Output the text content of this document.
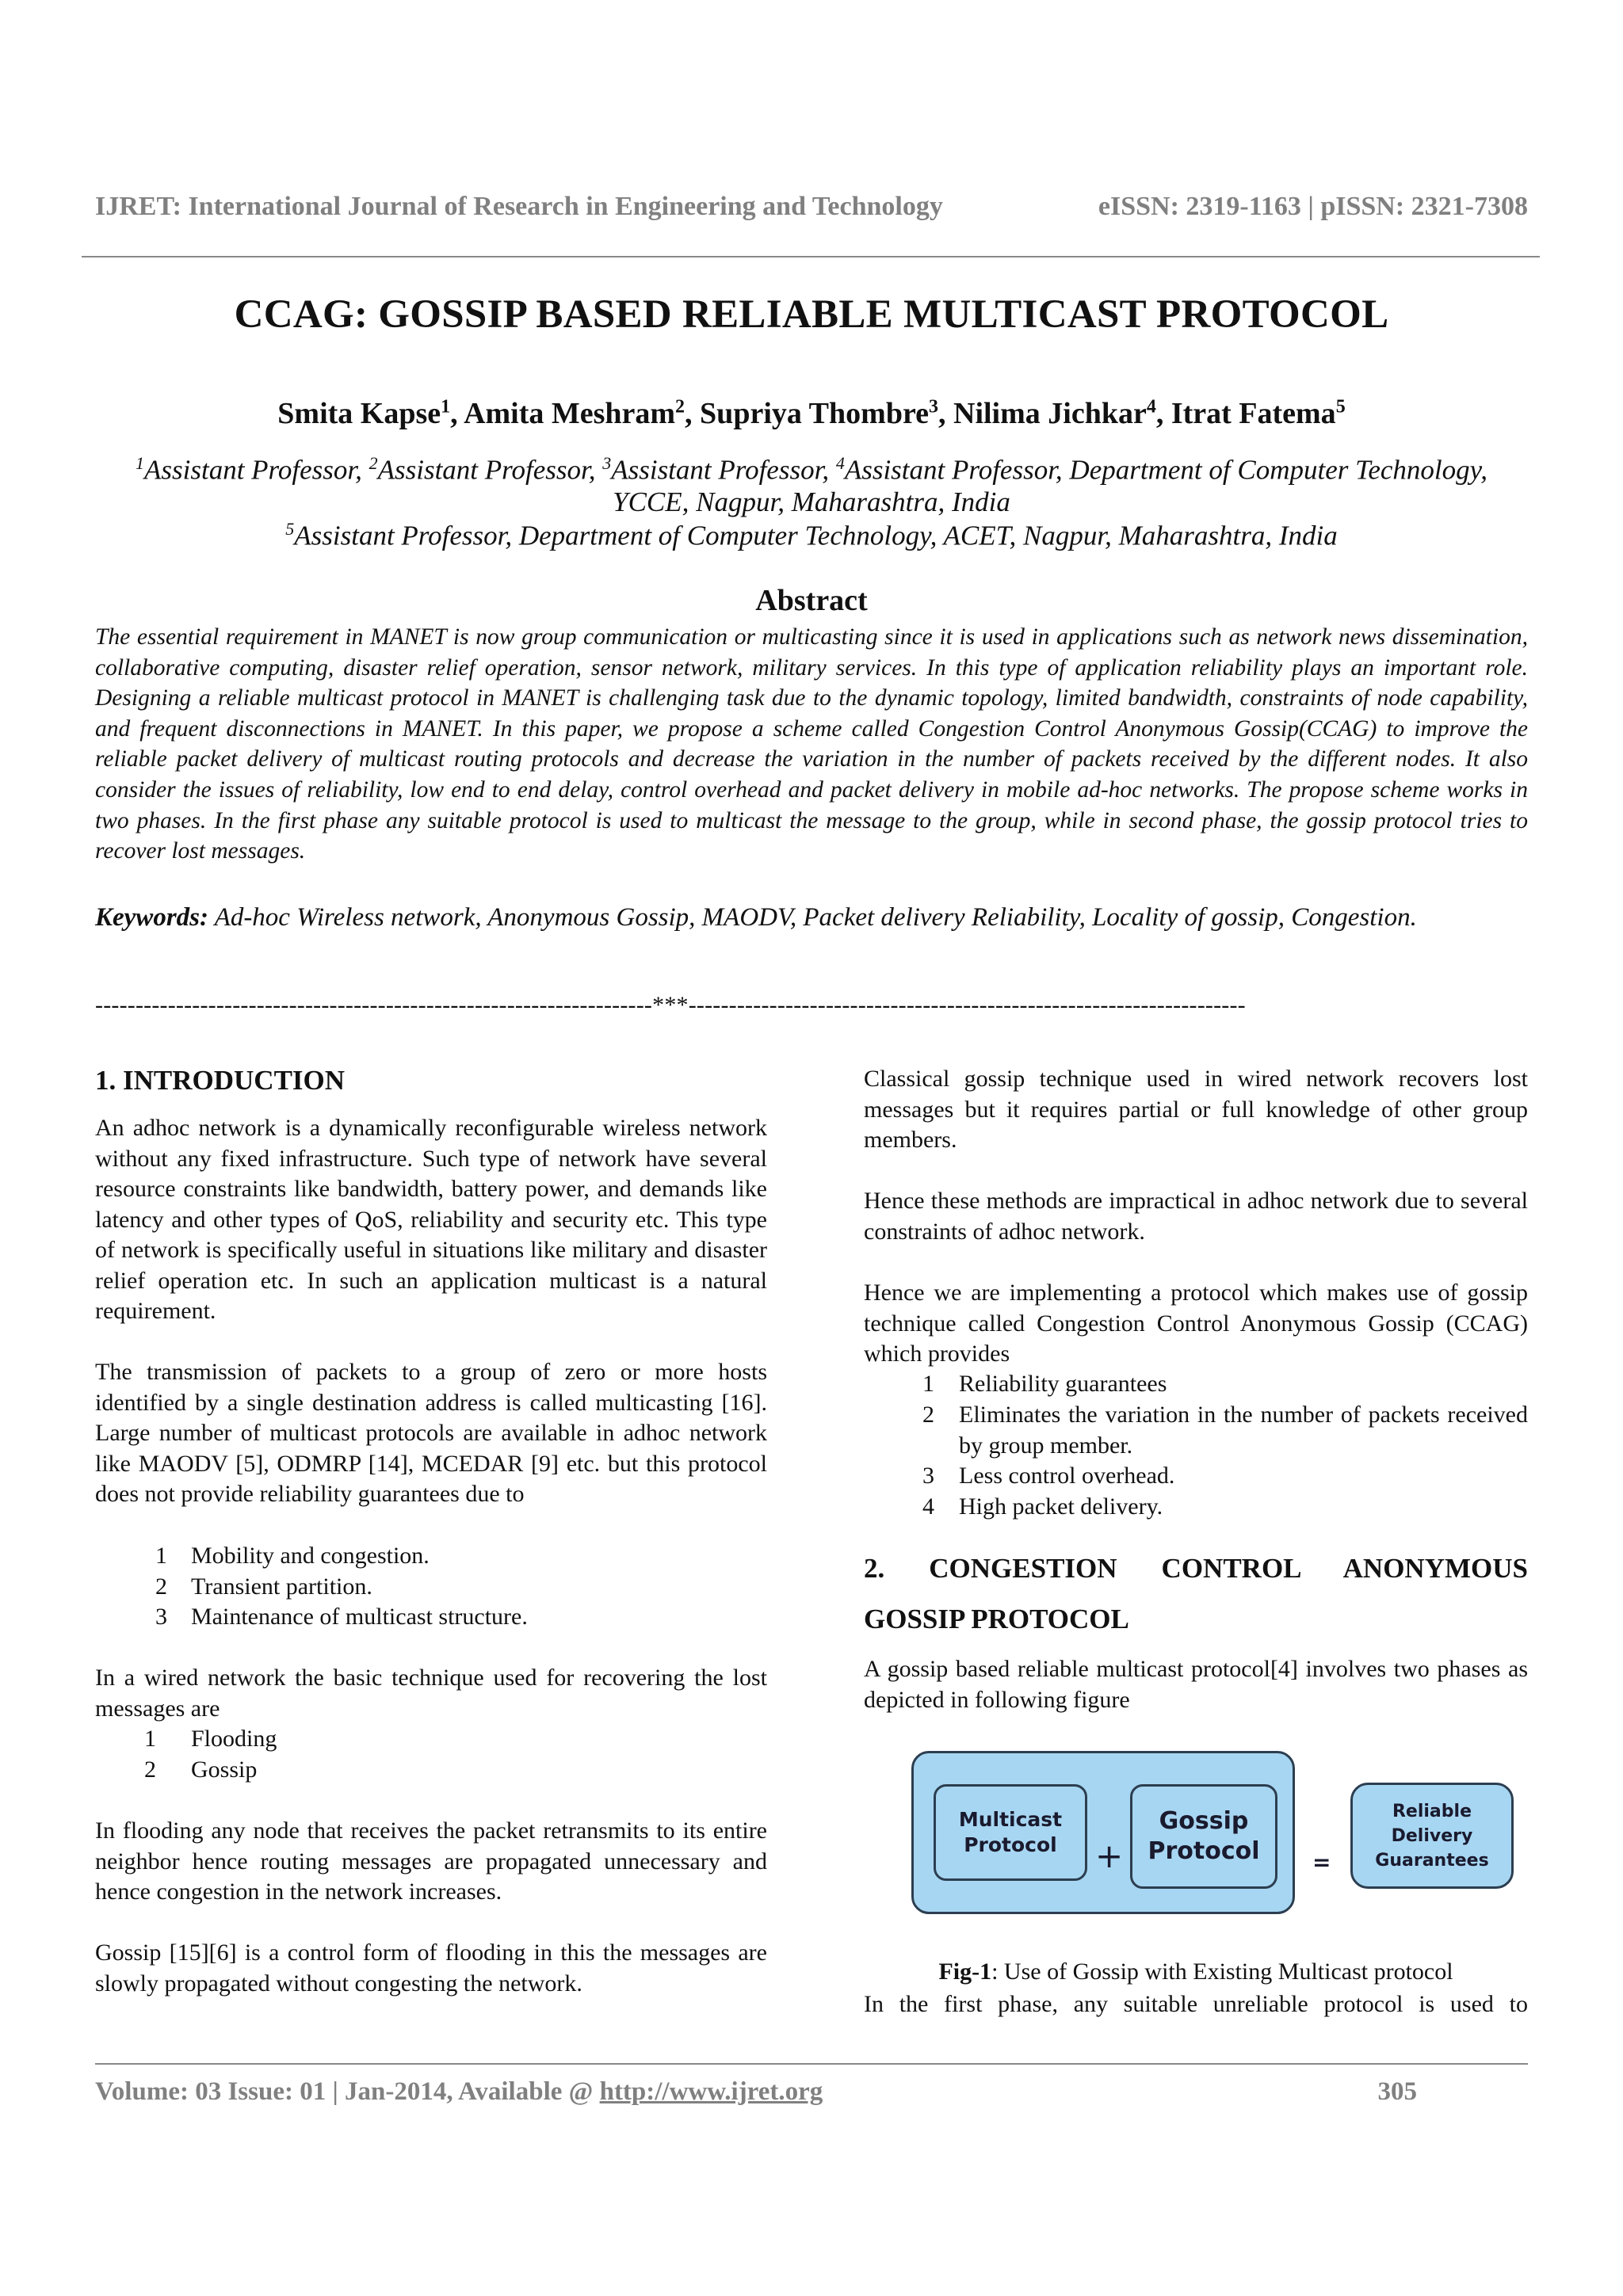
IJRET: International Journal of Research in Engineering and Technology	eISSN: 2319-1163 | pISSN: 2321-7308
CCAG: GOSSIP BASED RELIABLE MULTICAST PROTOCOL
Smita Kapse$^1$, Amita Meshram$^2$, Supriya Thombre$^3$, Nilima Jichkar$^4$, Itrat Fatema$^5$
$^1$Assistant Professor, $^2$Assistant Professor, $^3$Assistant Professor, $^4$Assistant Professor, Department of Computer Technology,
YCCE, Nagpur, Maharashtra, India
$^5$Assistant Professor, Department of Computer Technology, ACET, Nagpur, Maharashtra, India
Abstract
The essential requirement in MANET is now group communication or multicasting since it is used in applications such as network news dissemination, collaborative computing, disaster relief operation, sensor network, military services. In this type of application reliability plays an important role. Designing a reliable multicast protocol in MANET is challenging task due to the dynamic topology, limited bandwidth, constraints of node capability, and frequent disconnections in MANET. In this paper, we propose a scheme called Congestion Control Anonymous Gossip(CCAG) to improve the reliable packet delivery of multicast routing protocols and decrease the variation in the number of packets received by the different nodes. It also consider the issues of reliability, low end to end delay, control overhead and packet delivery in mobile ad-hoc networks. The propose scheme works in two phases. In the first phase any suitable protocol is used to multicast the message to the group, while in second phase, the gossip protocol tries to recover lost messages.
Keywords: Ad-hoc Wireless network, Anonymous Gossip, MAODV, Packet delivery Reliability, Locality of gossip, Congestion.
---------------------------------------------------------------------***---------------------------------------------------------------------
1. INTRODUCTION
An adhoc network is a dynamically reconfigurable wireless network without any fixed infrastructure. Such type of network have several resource constraints like bandwidth, battery power, and demands like latency and other types of QoS, reliability and security etc. This type of network is specifically useful in situations like military and disaster relief operation etc. In such an application multicast is a natural requirement.
The transmission of packets to a group of zero or more hosts identified by a single destination address is called multicasting [16]. Large number of multicast protocols are available in adhoc network like MAODV [5], ODMRP [14], MCEDAR [9] etc. but this protocol does not provide reliability guarantees due to
1 Mobility and congestion.
2 Transient partition.
3 Maintenance of multicast structure.
In a wired network the basic technique used for recovering the lost messages are
1 Flooding
2 Gossip
In flooding any node that receives the packet retransmits to its entire neighbor hence routing messages are propagated unnecessary and hence congestion in the network increases.
Gossip [15][6] is a control form of flooding in this the messages are slowly propagated without congesting the network.
Classical gossip technique used in wired network recovers lost messages but it requires partial or full knowledge of other group members.
Hence these methods are impractical in adhoc network due to several constraints of adhoc network.
Hence we are implementing a protocol which makes use of gossip technique called Congestion Control Anonymous Gossip (CCAG) which provides
1 Reliability guarantees
2 Eliminates the variation in the number of packets received by group member.
3 Less control overhead.
4 High packet delivery.
2. CONGESTION CONTROL ANONYMOUS
GOSSIP PROTOCOL
A gossip based reliable multicast protocol[4] involves two phases as depicted in following figure
Multicast
Protocol +
Gossip
Protocol =
Reliable
Delivery
Guarantees
Fig-1: Use of Gossip with Existing Multicast protocol
In the first phase, any suitable unreliable protocol is used to
Volume: 03 Issue: 01 | Jan-2014, Available @ http://www.ijret.org	305
